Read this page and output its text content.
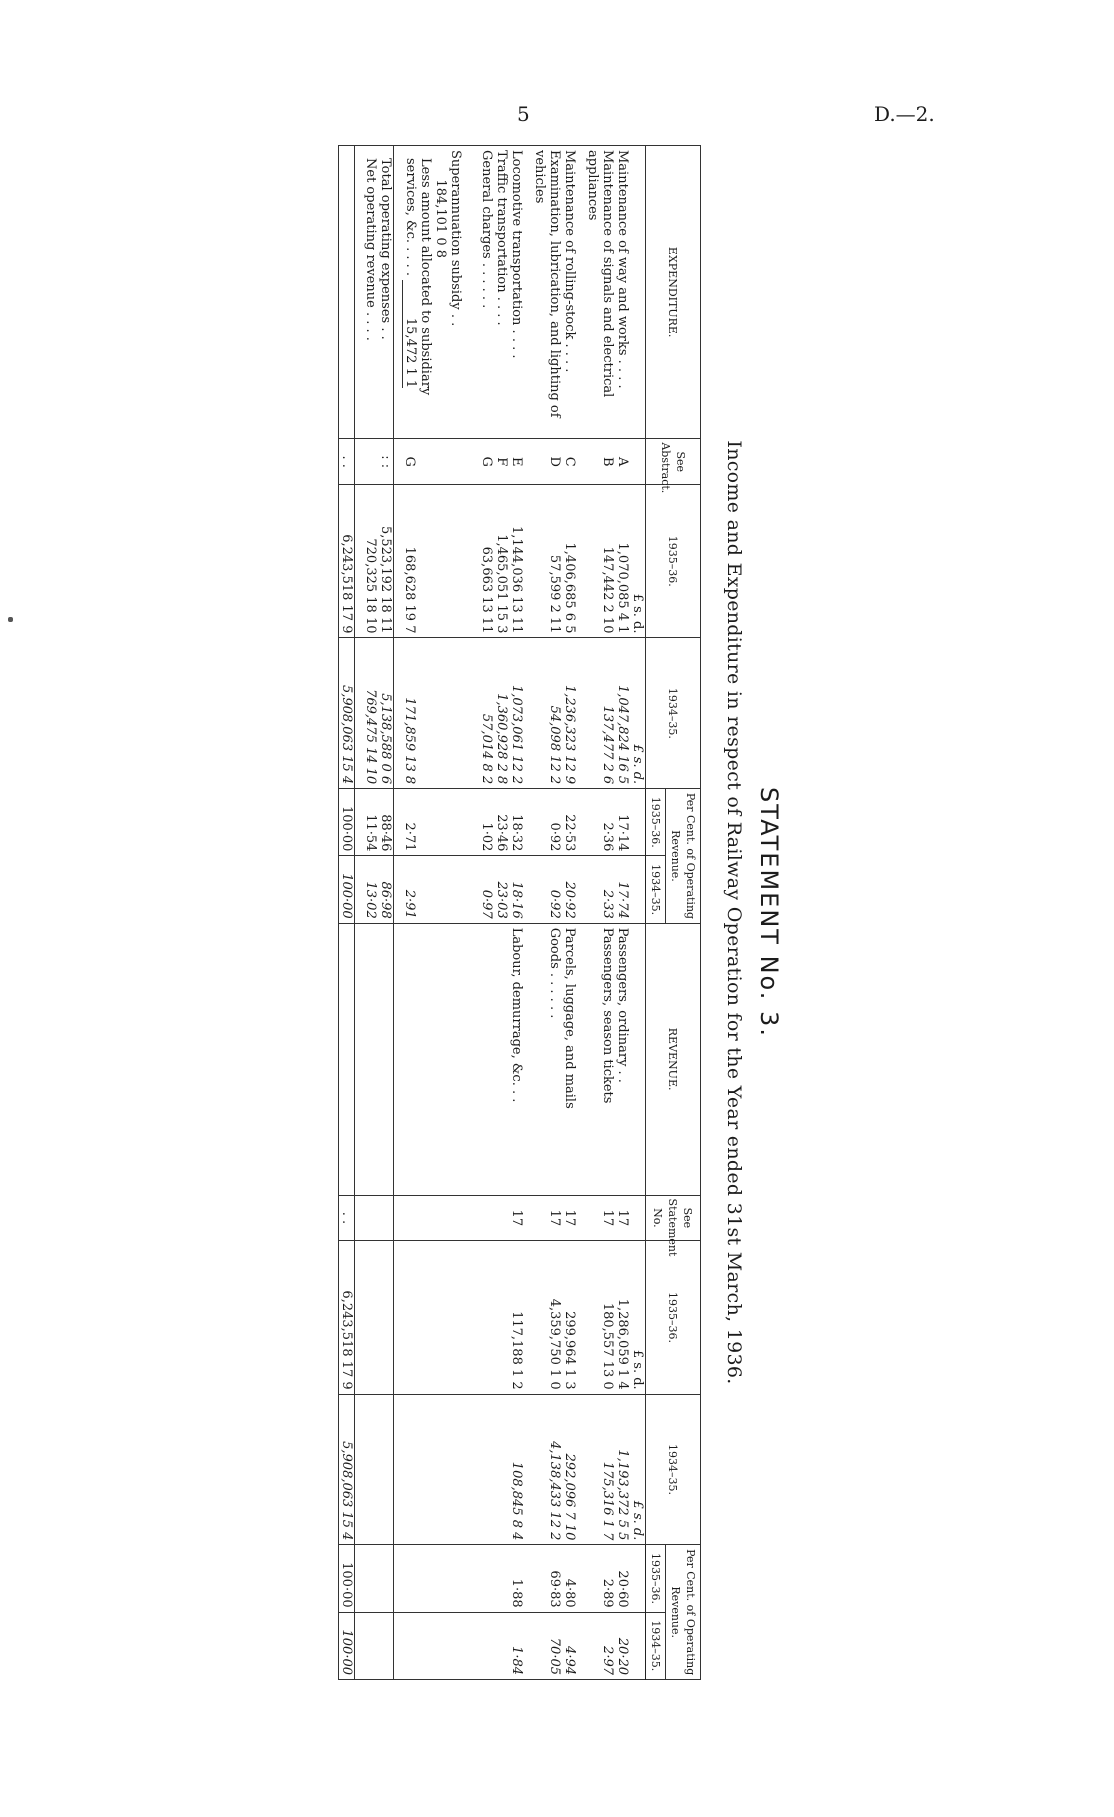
5	D.—2.
STATEMENT No. 3.
Income and Expenditure in respect of Railway Operation for the Year ended 31st March, 1936.
EXPENDITURE.	See Abstract.	1935–36.	1934–35.	Per Cent. of Operating Revenue.		REVENUE.	See Statement No.	1935–36.	1934–35.	Per Cent. of Operating Revenue.	
				1935–36.	1934–35.					1935–36.	1934–35.
		£ s. d.	£ s. d.					£ s. d.	£ s. d.		
Maintenance of way and works . . . .	A	1,070,085 4 1	1,047,824 16 5	17·14	17·74	Passengers, ordinary . .	17	1,286,059 1 4	1,193,372 5 5	20·60	20·20
Maintenance of signals and electrical appliances	B	147,442 2 10	137,477 2 6	2·36	2·33	Passengers, season tickets	17	180,557 13 0	175,316 1 7	2·89	2·97

Maintenance of rolling-stock . . . .	C	1,406,685 6 5	1,236,323 12 9	22·53	20·92	Parcels, luggage, and mails	17	299,964 1 3	292,096 7 10	4·80	4·94
Examination, lubrication, and lighting of vehicles	D	57,599 2 11	54,098 12 2	0·92	0·92	Goods . . . . . .	17	4,359,750 1 0	4,138,433 12 2	69·83	70·05

Locomotive transportation . . . .	E	1,144,036 13 11	1,073,061 12 2	18·32	18·16	Labour, demurrage, &c. . .	17	117,188 1 2	108,845 8 4	1·88	1·84
Traffic transportation . . . .	F	1,465,051 15 3	1,360,928 2 8	23·46	23·03						
General charges . . . . . .	G	63,663 13 11	57,014 8 2	1·02	0·97						

Superannuation subsidy . . 184,101 0 8											
Less amount allocated to subsidiary services, &c. . . . . 15,472 1 1	G	168,628 19 7	171,859 13 8	2·71	2·91						

Total operating expenses . .	: :	5,523,192 18 11	5,138,588 0 6	88·46	86·98						
Net operating revenue . . . .		720,325 18 10	769,475 14 10	11·54	13·02						

	. .	6,243,518 17 9	5,908,063 15 4	100·00	100·00		. .	6,243,518 17 9	5,908,063 15 4	100·00	100·00
